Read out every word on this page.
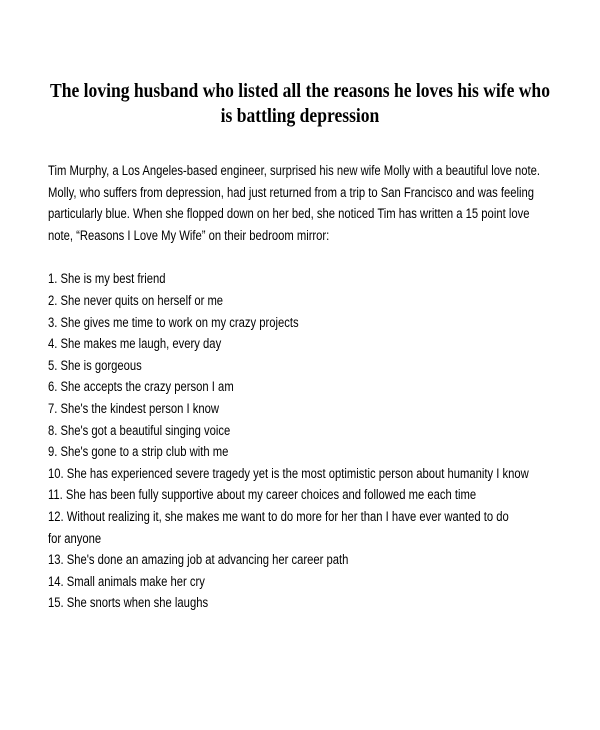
The loving husband who listed all the reasons he loves his wife who is battling depression

Tim Murphy, a Los Angeles-based engineer, surprised his new wife Molly with a beautiful love note. Molly, who suffers from depression, had just returned from a trip to San Francisco and was feeling particularly blue. When she flopped down on her bed, she noticed Tim has written a 15 point love note, “Reasons I Love My Wife” on their bedroom mirror:

1. She is my best friend
2. She never quits on herself or me
3. She gives me time to work on my crazy projects
4. She makes me laugh, every day
5. She is gorgeous
6. She accepts the crazy person I am
7. She's the kindest person I know
8. She's got a beautiful singing voice
9. She's gone to a strip club with me
10. She has experienced severe tragedy yet is the most optimistic person about humanity I know
11. She has been fully supportive about my career choices and followed me each time
12. Without realizing it, she makes me want to do more for her than I have ever wanted to do for anyone
13. She's done an amazing job at advancing her career path
14. Small animals make her cry
15. She snorts when she laughs
